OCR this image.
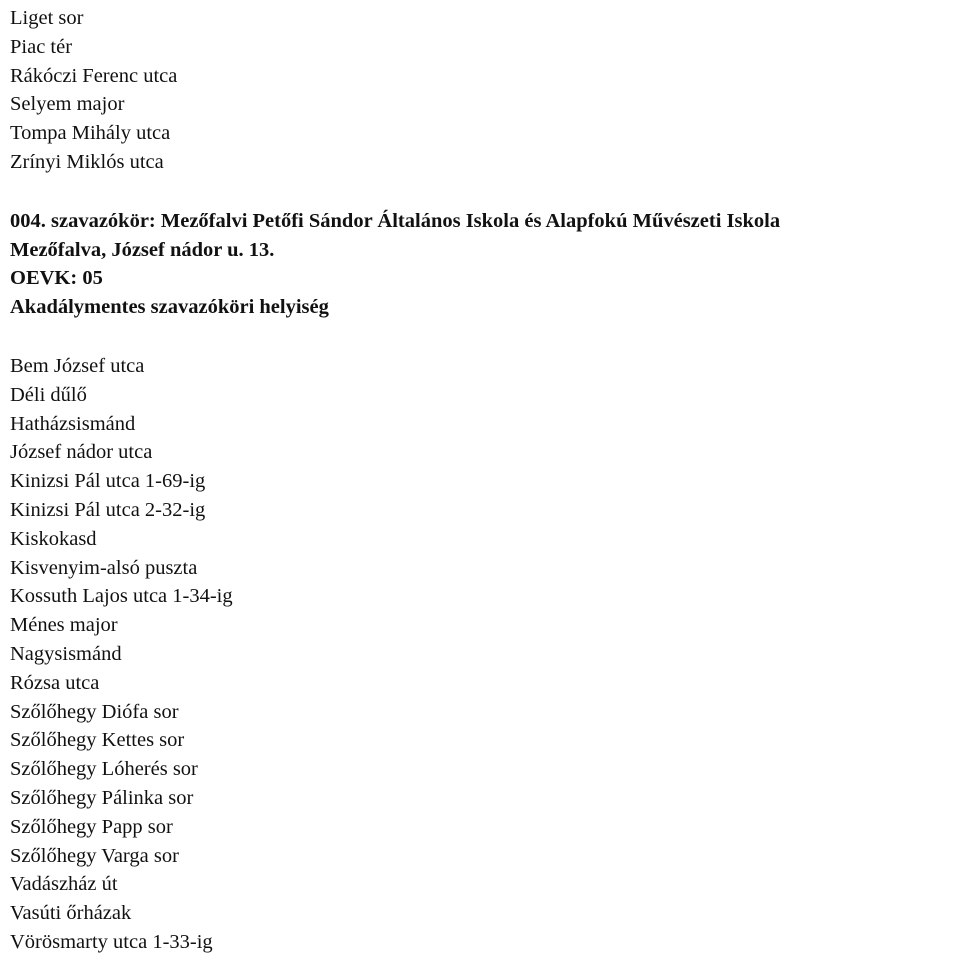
Liget sor
Piac tér
Rákóczi Ferenc utca
Selyem major
Tompa Mihály utca
Zrínyi Miklós utca
004. szavazókör: Mezőfalvi Petőfi Sándor Általános Iskola és Alapfokú Művészeti Iskola
Mezőfalva, József nádor u. 13.
OEVK: 05
Akadálymentes szavazóköri helyiség
Bem József utca
Déli dűlő
Hatházsismánd
József nádor utca
Kinizsi Pál utca 1-69-ig
Kinizsi Pál utca 2-32-ig
Kiskokasd
Kisvenyim-alsó puszta
Kossuth Lajos utca 1-34-ig
Ménes major
Nagysismánd
Rózsa utca
Szőlőhegy Diófa sor
Szőlőhegy Kettes sor
Szőlőhegy Lóherés sor
Szőlőhegy Pálinka sor
Szőlőhegy Papp sor
Szőlőhegy Varga sor
Vadászház út
Vasúti őrházak
Vörösmarty utca 1-33-ig
